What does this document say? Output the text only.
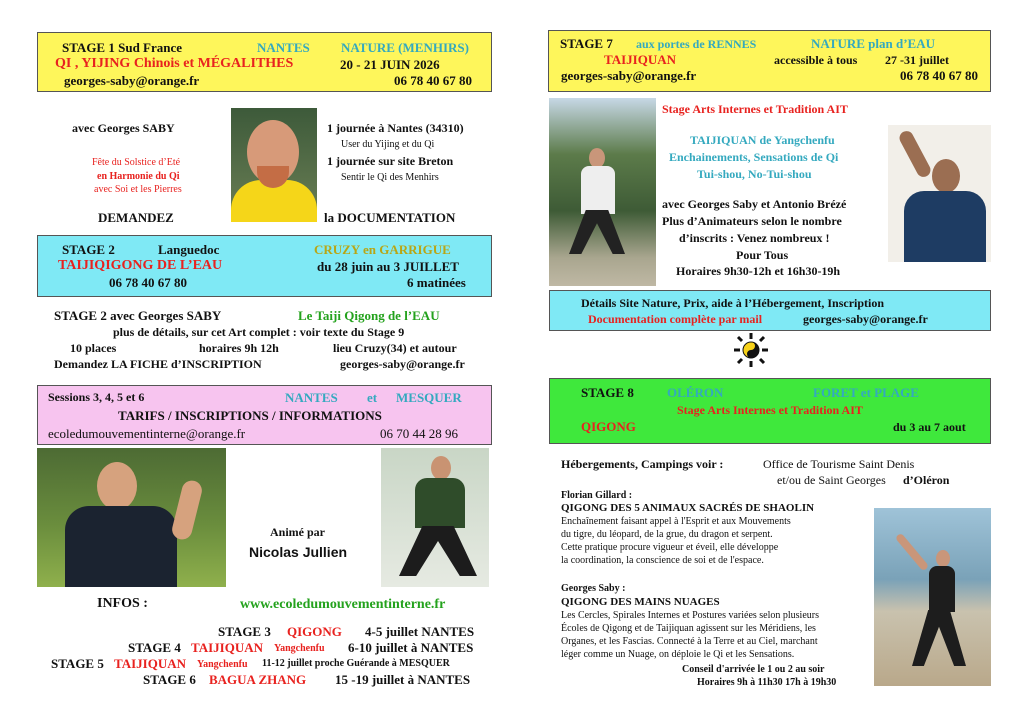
STAGE 1 Sud France	NANTES NATURE (MENHIRS)
QI , YIJING Chinois et MÉGALITHES	20 - 21 JUIN 2026
georges-saby@orange.fr	06 78 40 67 80
avec Georges SABY
Fête du Solstice d’Eté
en Harmonie du Qi
avec Soi et les Pierres
1 journée à Nantes (34310)
User du Yijing et du Qi
1 journée sur site Breton
Sentir le Qi des Menhirs
DEMANDEZ	la DOCUMENTATION
STAGE 2	Languedoc	CRUZY en GARRIGUE
TAIJIQIGONG DE L’EAU	du 28 juin au 3 JUILLET
06 78 40 67 80	6 matinées
STAGE 2 avec Georges SABY	Le Taiji Qigong de l’EAU
plus de détails, sur cet Art complet : voir texte du Stage 9
10 places	horaires 9h 12h	lieu Cruzy(34) et autour
Demandez LA FICHE d’INSCRIPTION	georges-saby@orange.fr
Sessions 3, 4, 5 et 6	NANTES et MESQUER
TARIFS / INSCRIPTIONS / INFORMATIONS
ecoledumouvementinterne@orange.fr	06 70 44 28 96
Animé par
Nicolas Jullien
INFOS :	www.ecoledumouvementinterne.fr
STAGE 3 QIGONG 4-5 juillet NANTES
STAGE 4 TAIJIQUAN Yangchenfu 6-10 juillet à NANTES
STAGE 5 TAIJIQUAN Yangchenfu 11-12 juillet proche Guérande à MESQUER
STAGE 6 BAGUA ZHANG 15 -19 juillet à NANTES
STAGE 7 aux portes de RENNES	NATURE plan d’EAU
TAIJIQUAN	accessible à tous 27 -31 juillet
georges-saby@orange.fr	06 78 40 67 80
Stage Arts Internes et Tradition AIT
TAIJIQUAN de Yangchenfu
Enchainements, Sensations de Qi
Tui-shou, No-Tui-shou
avec Georges Saby et Antonio Brézé
Plus d’Animateurs selon le nombre
d’inscrits : Venez nombreux !
Pour Tous
Horaires 9h30-12h et 16h30-19h
Détails Site Nature, Prix, aide à l’Hébergement, Inscription
Documentation complète par mail	georges-saby@orange.fr
STAGE 8	OLÉRON	FORET et PLAGE
Stage Arts Internes et Tradition AIT
QIGONG	du 3 au 7 aout
Hébergements, Campings voir :	Office de Tourisme Saint Denis
et/ou de Saint Georges d’Oléron
Florian Gillard :
QIGONG DES 5 ANIMAUX SACRÉS DE SHAOLIN
Enchaînement faisant appel à l'Esprit et aux Mouvements
du tigre, du léopard, de la grue, du dragon et serpent.
Cette pratique procure vigueur et éveil, elle développe
la coordination, la conscience de soi et de l'espace.
Georges Saby :
QIGONG DES MAINS NUAGES
Les Cercles, Spirales Internes et Postures variées selon plusieurs
Écoles de Qigong et de Taijiquan agissent sur les Méridiens, les
Organes, et les Fascias. Connecté à la Terre et au Ciel, marchant
léger comme un Nuage, on déploie le Qi et les Sensations.
Conseil d'arrivée le 1 ou 2 au soir
Horaires 9h à 11h30 17h à 19h30
